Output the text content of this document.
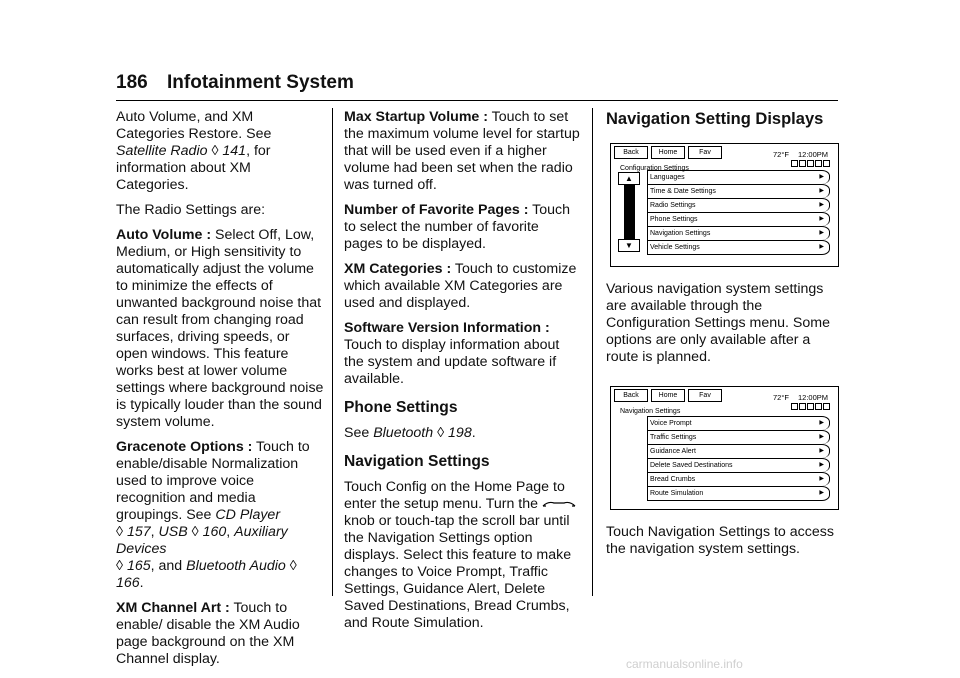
186 Infotainment System

Auto Volume, and XM Categories Restore. See Satellite Radio ◊ 141, for information about XM Categories.

The Radio Settings are:

Auto Volume : Select Off, Low, Medium, or High sensitivity to automatically adjust the volume to minimize the effects of unwanted background noise that can result from changing road surfaces, driving speeds, or open windows. This feature works best at lower volume settings where background noise is typically louder than the sound system volume.

Gracenote Options : Touch to enable/disable Normalization used to improve voice recognition and media groupings. See CD Player
◊ 157, USB ◊ 160, Auxiliary Devices
◊ 165, and Bluetooth Audio ◊ 166.

XM Channel Art : Touch to enable/ disable the XM Audio page background on the XM Channel display.

Max Startup Volume : Touch to set the maximum volume level for startup that will be used even if a higher volume had been set when the radio was turned off.

Number of Favorite Pages : Touch to select the number of favorite pages to be displayed.

XM Categories : Touch to customize which available XM Categories are used and displayed.

Software Version Information : Touch to display information about the system and update software if available.

Phone Settings

See Bluetooth ◊ 198.

Navigation Settings

Touch Config on the Home Page to enter the setup menu. Turn the  knob or touch-tap the scroll bar until the Navigation Settings option displays. Select this feature to make changes to Voice Prompt, Traffic Settings, Guidance Alert, Delete Saved Destinations, Bread Crumbs, and Route Simulation.

Navigation Setting Displays
Back	Home	Fav	72°F 12:00PM
Configuration Settings
▲
▼
Languages	▶
Time & Date Settings	▶
Radio Settings	▶
Phone Settings	▶
Navigation Settings	▶
Vehicle Settings	▶

Various navigation system settings are available through the Configuration Settings menu. Some options are only available after a route is planned.

Back	Home	Fav	72°F 12:00PM
Navigation Settings
Voice Prompt	▶
Traffic Settings	▶
Guidance Alert	▶
Delete Saved Destinations	▶
Bread Crumbs	▶
Route Simulation	▶

Touch Navigation Settings to access the navigation system settings.

carmanualsonline.info
